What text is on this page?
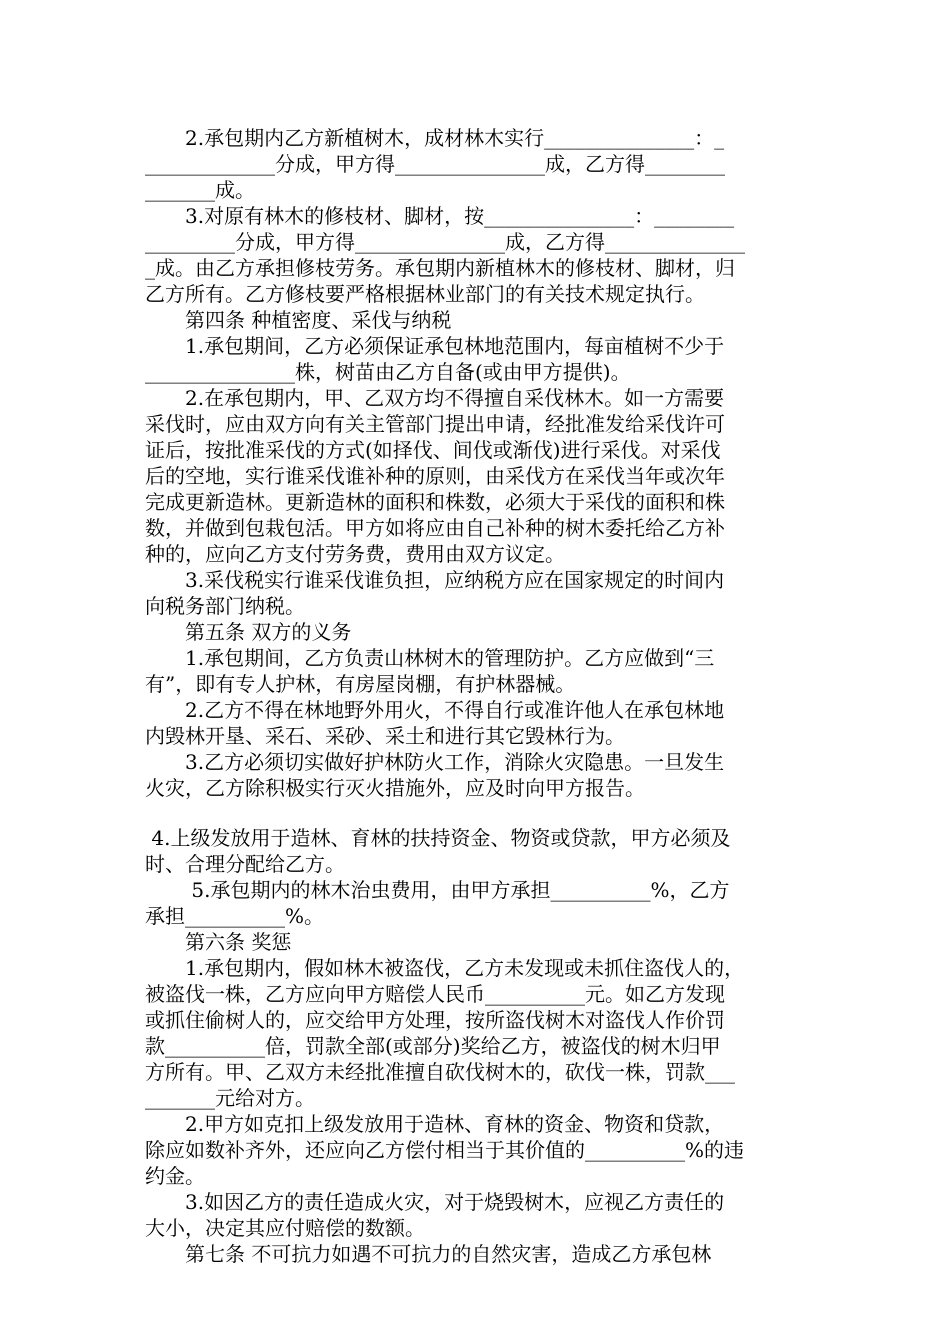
　　2.承包期内乙方新植树木，成材林木实行_______________：_
_____________分成，甲方得_______________成，乙方得________
_______成。
　　3.对原有林木的修枝材、脚材，按_______________：________
_________分成，甲方得_______________成，乙方得______________
_成。由乙方承担修枝劳务。承包期内新植林木的修枝材、脚材，归
乙方所有。乙方修枝要严格根据林业部门的有关技术规定执行。
　　第四条 种植密度、采伐与纳税
　　1.承包期间，乙方必须保证承包林地范围内，每亩植树不少于
_______________株，树苗由乙方自备(或由甲方提供)。
　　2.在承包期内，甲、乙双方均不得擅自采伐林木。如一方需要
采伐时，应由双方向有关主管部门提出申请，经批准发给采伐许可
证后，按批准采伐的方式(如择伐、间伐或渐伐)进行采伐。对采伐
后的空地，实行谁采伐谁补种的原则，由采伐方在采伐当年或次年
完成更新造林。更新造林的面积和株数，必须大于采伐的面积和株
数，并做到包栽包活。甲方如将应由自己补种的树木委托给乙方补
种的，应向乙方支付劳务费，费用由双方议定。
　　3.采伐税实行谁采伐谁负担，应纳税方应在国家规定的时间内
向税务部门纳税。
　　第五条 双方的义务
　　1.承包期间，乙方负责山林树木的管理防护。乙方应做到“三
有”，即有专人护林，有房屋岗棚，有护林器械。
　　2.乙方不得在林地野外用火，不得自行或准许他人在承包林地
内毁林开垦、采石、采砂、采土和进行其它毁林行为。
　　3.乙方必须切实做好护林防火工作，消除火灾隐患。一旦发生
火灾，乙方除积极实行灭火措施外，应及时向甲方报告。
4.上级发放用于造林、育林的扶持资金、物资或贷款，甲方必须及
时、合理分配给乙方。
　　 5.承包期内的林木治虫费用，由甲方承担__________%，乙方
承担__________%。
　　第六条 奖惩
　　1.承包期内，假如林木被盗伐，乙方未发现或未抓住盗伐人的，
被盗伐一株，乙方应向甲方赔偿人民币__________元。如乙方发现
或抓住偷树人的，应交给甲方处理，按所盗伐树木对盗伐人作价罚
款__________倍，罚款全部(或部分)奖给乙方，被盗伐的树木归甲
方所有。甲、乙双方未经批准擅自砍伐树木的，砍伐一株，罚款___
_______元给对方。
　　2.甲方如克扣上级发放用于造林、育林的资金、物资和贷款，
除应如数补齐外，还应向乙方偿付相当于其价值的__________%的违
约金。
　　3.如因乙方的责任造成火灾，对于烧毁树木，应视乙方责任的
大小，决定其应付赔偿的数额。
　　第七条 不可抗力如遇不可抗力的自然灾害，造成乙方承包林
